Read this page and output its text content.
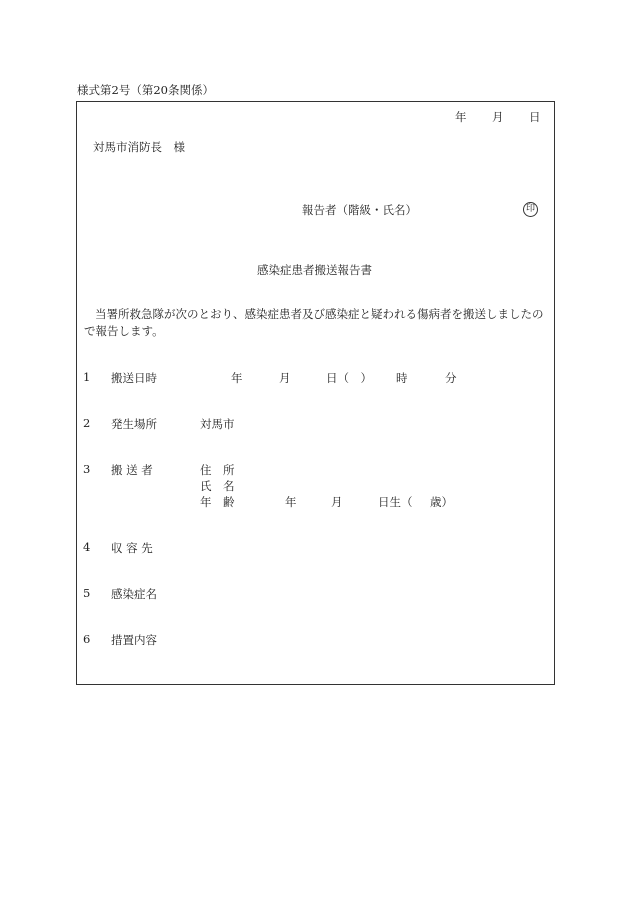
様式第2号（第20条関係）
年 月 日
対馬市消防長　様
報告者（階級・氏名）	印
感染症患者搬送報告書
当署所救急隊が次のとおり、感染症患者及び感染症と疑われる傷病者を搬送しましたの
で報告します。
1 搬送日時	年	月	日（　） 時	分
2 発生場所	対馬市
3 搬 送 者	住　所
氏　名
年　齢	年	月	日生（ 歳）
4 収 容 先
5 感染症名
6 措置内容
